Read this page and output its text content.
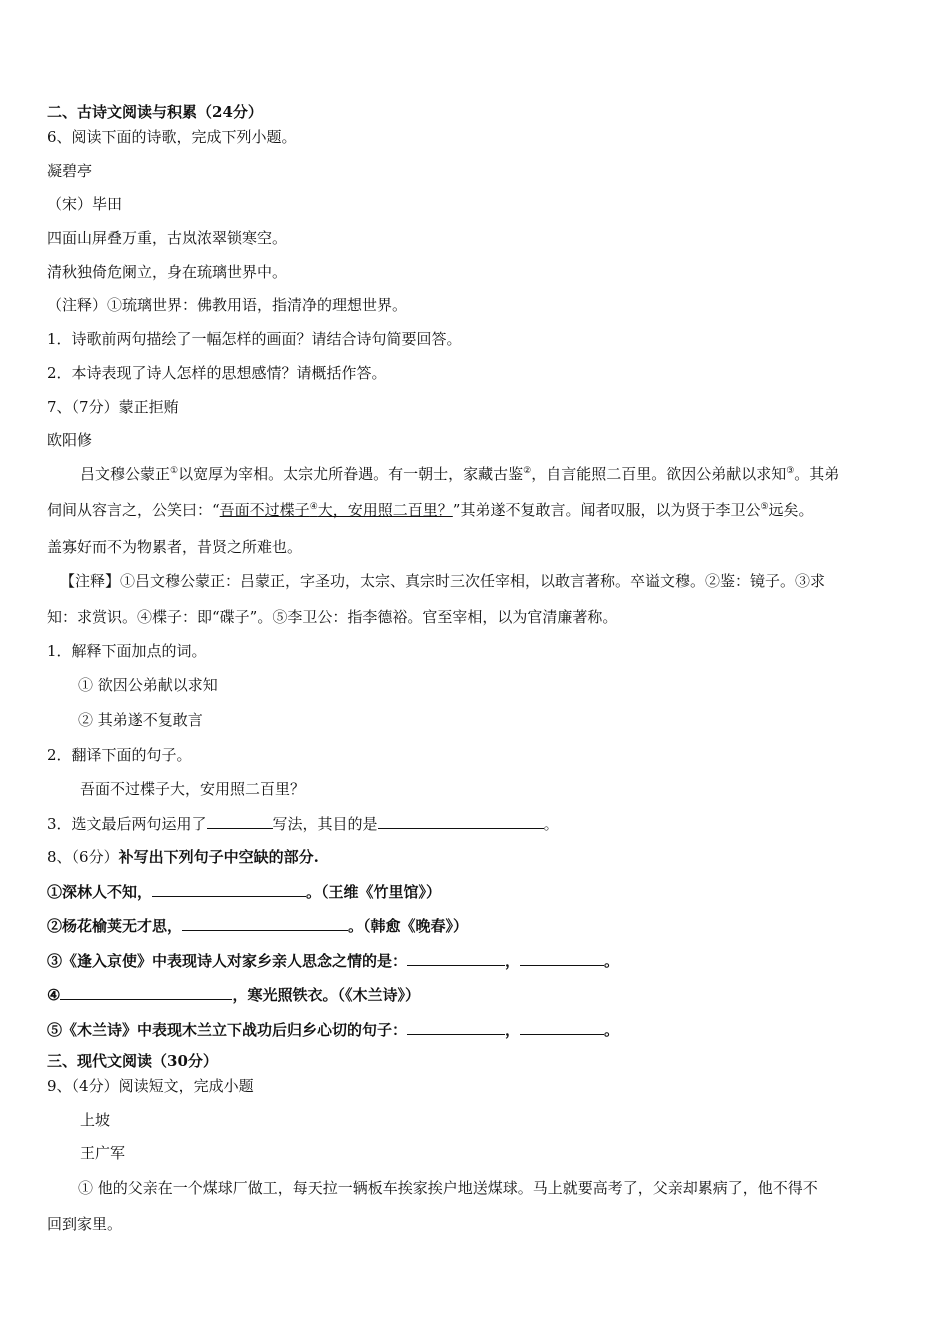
二、古诗文阅读与积累（24分）
6、阅读下面的诗歌，完成下列小题。
凝碧亭
（宋）毕田
四面山屏叠万重，古岚浓翠锁寒空。
清秋独倚危阑立，身在琉璃世界中。
（注释）①琉璃世界：佛教用语，指清净的理想世界。
1．诗歌前两句描绘了一幅怎样的画面？请结合诗句简要回答。
2．本诗表现了诗人怎样的思想感情？请概括作答。
7、（7分）蒙正拒贿
欧阳修
吕文穆公蒙正①以宽厚为宰相。太宗尤所眷遇。有一朝士，家藏古鉴②，自言能照二百里。欲因公弟献以求知③。其弟
伺间从容言之，公笑曰：“吾面不过楪子④大，安用照二百里？”其弟遂不复敢言。闻者叹服，以为贤于李卫公⑤远矣。
盖寡好而不为物累者，昔贤之所难也。
【注释】①吕文穆公蒙正：吕蒙正，字圣功，太宗、真宗时三次任宰相，以敢言著称。卒谥文穆。②鉴：镜子。③求
知：求赏识。④楪子：即“碟子”。⑤李卫公：指李德裕。官至宰相，以为官清廉著称。
1．解释下面加点的词。
① 欲因公弟献以求知
② 其弟遂不复敢言
2．翻译下面的句子。
吾面不过楪子大，安用照二百里？
3．选文最后两句运用了	写法，其目的是	。
8、（6分）补写出下列句子中空缺的部分.
①深林人不知，	。（王维《竹里馆》）
②杨花榆荚无才思，	。（韩愈《晚春》）
③《逢入京使》中表现诗人对家乡亲人思念之情的是：	，	。
④	，寒光照铁衣。（《木兰诗》）
⑤《木兰诗》中表现木兰立下战功后归乡心切的句子：	，	。
三、现代文阅读（30分）
9、（4分）阅读短文，完成小题
上坡
王广军
① 他的父亲在一个煤球厂做工，每天拉一辆板车挨家挨户地送煤球。马上就要高考了，父亲却累病了，他不得不
回到家里。
